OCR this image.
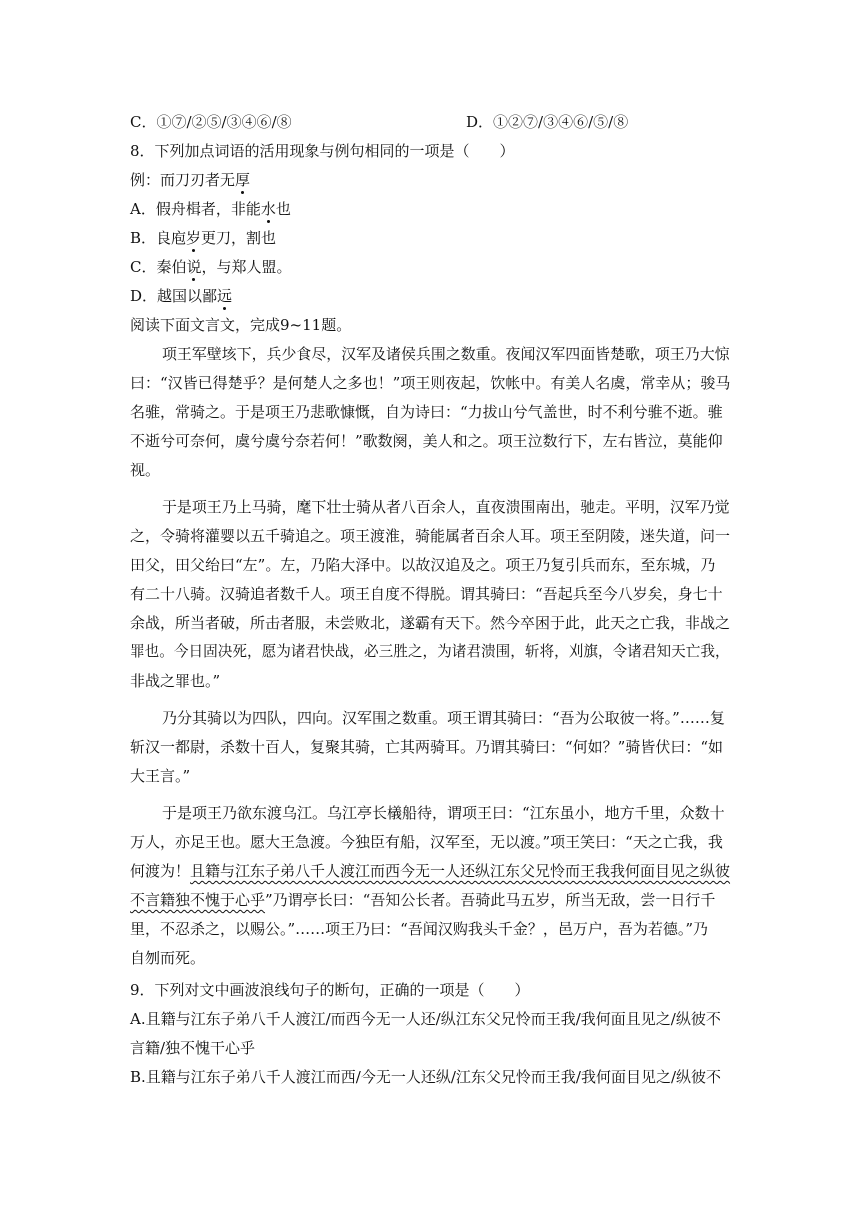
C．①⑦/②⑤/③④⑥/⑧	D．①②⑦/③④⑥/⑤/⑧
8．下列加点词语的活用现象与例句相同的一项是（　　）
例：而刀刃者无厚
A．假舟楫者，非能水也
B．良庖岁更刀，割也
C．秦伯说，与郑人盟。
D．越国以鄙远
阅读下面文言文，完成9~11题。
项王军壁垓下，兵少食尽，汉军及诸侯兵围之数重。夜闻汉军四面皆楚歌，项王乃大惊
曰：“汉皆已得楚乎？是何楚人之多也！”项王则夜起，饮帐中。有美人名虞，常幸从；骏马
名骓，常骑之。于是项王乃悲歌慷慨，自为诗曰：“力拔山兮气盖世，时不利兮骓不逝。骓
不逝兮可奈何，虞兮虞兮奈若何！”歌数阕，美人和之。项王泣数行下，左右皆泣，莫能仰
视。
于是项王乃上马骑，麾下壮士骑从者八百余人，直夜溃围南出，驰走。平明，汉军乃觉
之，令骑将灌婴以五千骑追之。项王渡淮，骑能属者百余人耳。项王至阴陵，迷失道，问一
田父，田父绐曰“左”。左，乃陷大泽中。以故汉追及之。项王乃复引兵而东，至东城，乃
有二十八骑。汉骑追者数千人。项王自度不得脱。谓其骑曰：“吾起兵至今八岁矣，身七十
余战，所当者破，所击者服，未尝败北，遂霸有天下。然今卒困于此，此天之亡我，非战之
罪也。今日固决死，愿为诸君快战，必三胜之，为诸君溃围，斩将，刈旗，令诸君知天亡我，
非战之罪也。”
乃分其骑以为四队，四向。汉军围之数重。项王谓其骑曰：“吾为公取彼一将。”……复
斩汉一都尉，杀数十百人，复聚其骑，亡其两骑耳。乃谓其骑曰：“何如？”骑皆伏曰：“如
大王言。”
于是项王乃欲东渡乌江。乌江亭长檥船待，谓项王曰：“江东虽小，地方千里，众数十
万人，亦足王也。愿大王急渡。今独臣有船，汉军至，无以渡。”项王笑曰：“天之亡我，我
何渡为！且籍与江东子弟八千人渡江而西今无一人还纵江东父兄怜而王我我何面目见之纵彼
不言籍独不愧于心乎”乃谓亭长曰：“吾知公长者。吾骑此马五岁，所当无敌，尝一日行千
里，不忍杀之，以赐公。”……项王乃曰：“吾闻汉购我头千金？，邑万户，吾为若德。”乃
自刎而死。
9．下列对文中画波浪线句子的断句，正确的一项是（　　）
A.且籍与江东子弟八千人渡江/而西今无一人还/纵江东父兄怜而王我/我何面且见之/纵彼不
言籍/独不愧干心乎
B.且籍与江东子弟八千人渡江而西/今无一人还纵/江东父兄怜而王我/我何面目见之/纵彼不
